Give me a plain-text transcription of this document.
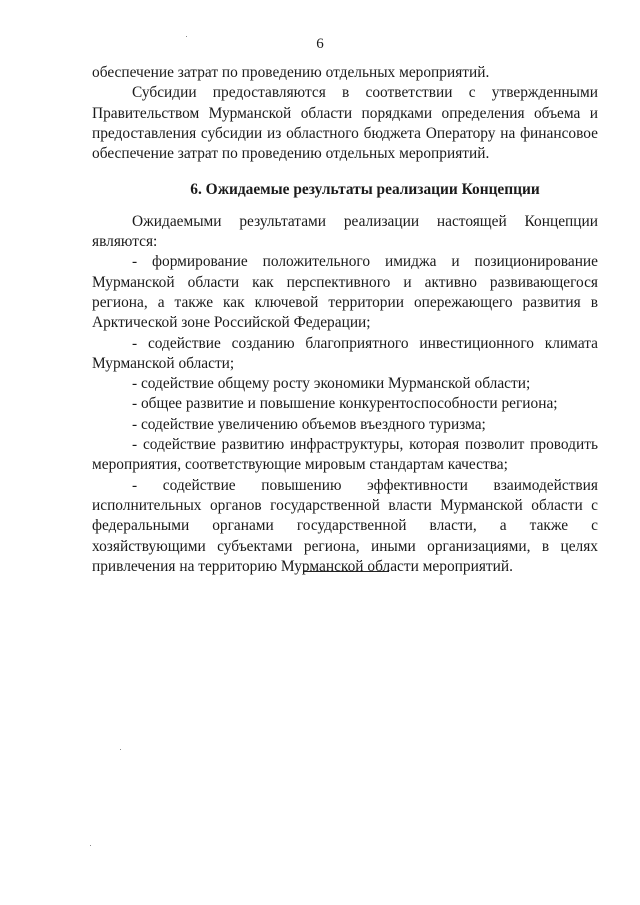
6

обеспечение затрат по проведению отдельных мероприятий.

Субсидии предоставляются в соответствии с утвержденными Правительством Мурманской области порядками определения объема и предоставления субсидии из областного бюджета Оператору на финансовое обеспечение затрат по проведению отдельных мероприятий.

6. Ожидаемые результаты реализации Концепции

Ожидаемыми результатами реализации настоящей Концепции являются:

- формирование положительного имиджа и позиционирование Мурманской области как перспективного и активно развивающегося региона, а также как ключевой территории опережающего развития в Арктической зоне Российской Федерации;

- содействие созданию благоприятного инвестиционного климата Мурманской области;

- содействие общему росту экономики Мурманской области;

- общее развитие и повышение конкурентоспособности региона;

- содействие увеличению объемов въездного туризма;

- содействие развитию инфраструктуры, которая позволит проводить мероприятия, соответствующие мировым стандартам качества;

- содействие повышению эффективности взаимодействия исполнительных органов государственной власти Мурманской области с федеральными органами государственной власти, а также с хозяйствующими субъектами региона, иными организациями, в целях привлечения на территорию Мурманской области мероприятий.
